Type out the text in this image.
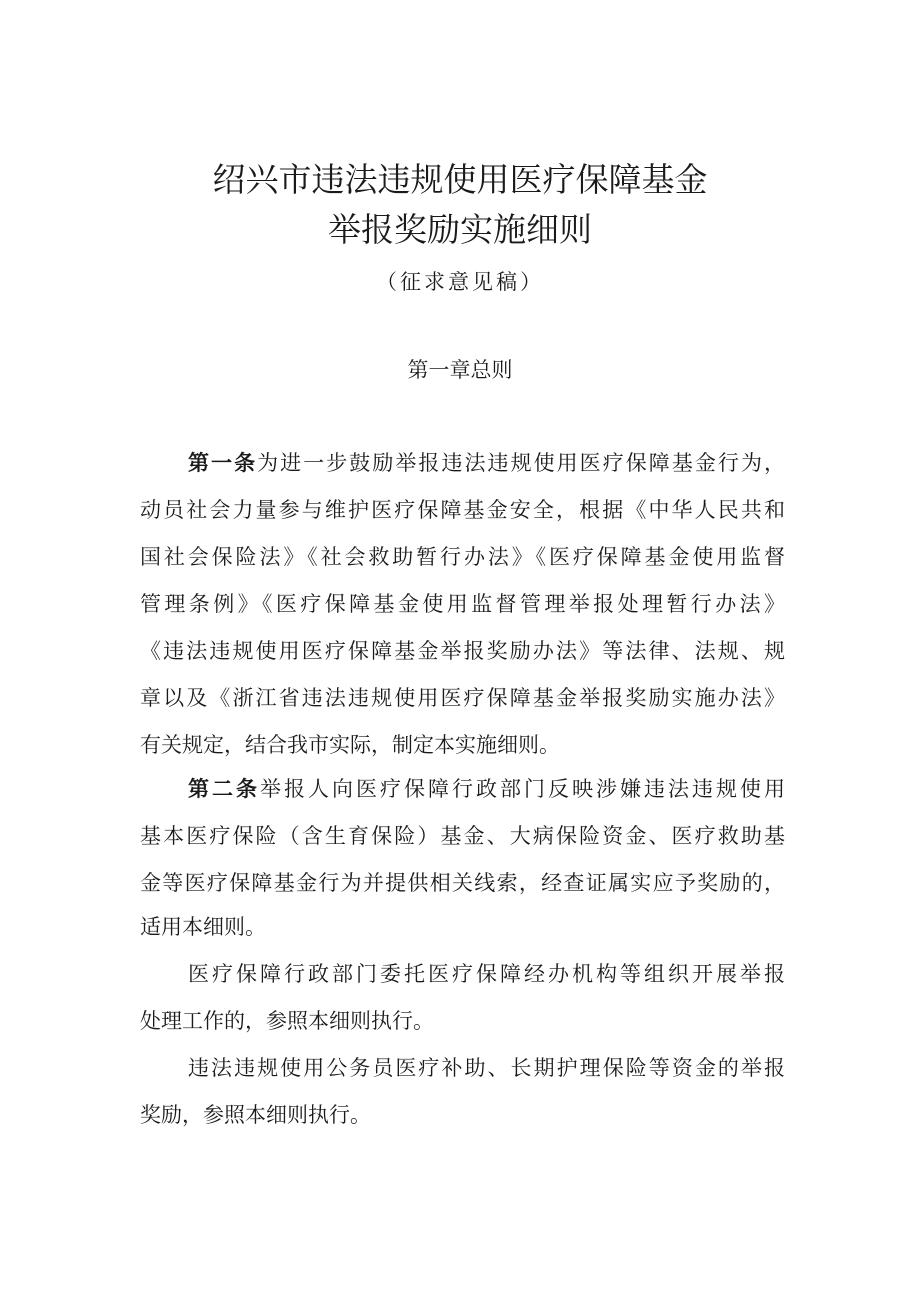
绍兴市违法违规使用医疗保障基金
举报奖励实施细则
（征求意见稿）
第一章总则
第一条为进一步鼓励举报违法违规使用医疗保障基金行为，
动员社会力量参与维护医疗保障基金安全，根据《中华人民共和
国社会保险法》《社会救助暂行办法》《医疗保障基金使用监督
管理条例》《医疗保障基金使用监督管理举报处理暂行办法》
《违法违规使用医疗保障基金举报奖励办法》等法律、法规、规
章以及《浙江省违法违规使用医疗保障基金举报奖励实施办法》
有关规定，结合我市实际，制定本实施细则。
第二条举报人向医疗保障行政部门反映涉嫌违法违规使用
基本医疗保险（含生育保险）基金、大病保险资金、医疗救助基
金等医疗保障基金行为并提供相关线索，经查证属实应予奖励的，
适用本细则。
医疗保障行政部门委托医疗保障经办机构等组织开展举报
处理工作的，参照本细则执行。
违法违规使用公务员医疗补助、长期护理保险等资金的举报
奖励，参照本细则执行。
